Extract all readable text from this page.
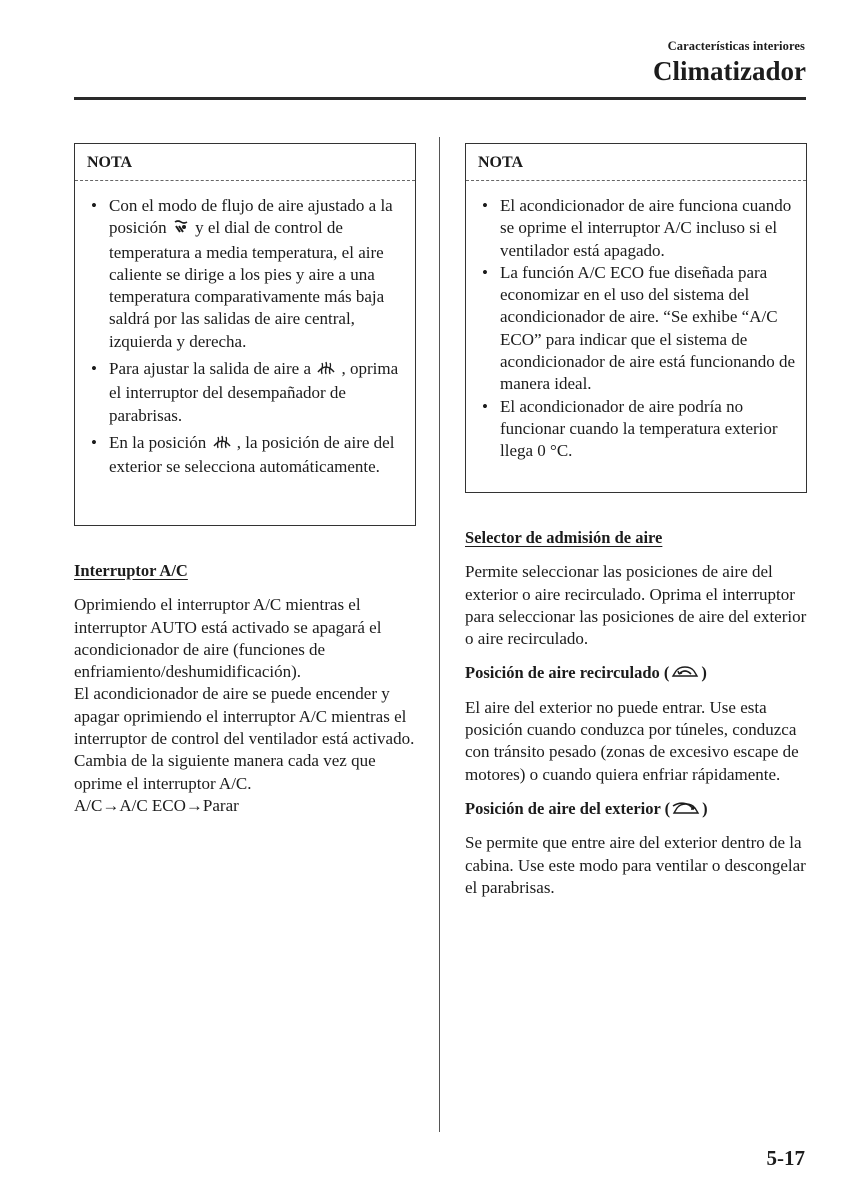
Características interiores
Climatizador
NOTA
• Con el modo de flujo de aire ajustado a la posición y el dial de control de temperatura a media temperatura, el aire caliente se dirige a los pies y aire a una temperatura comparativamente más baja saldrá por las salidas de aire central, izquierda y derecha.
• Para ajustar la salida de aire a , oprima el interruptor del desempañador de parabrisas.
• En la posición , la posición de aire del exterior se selecciona automáticamente.
Interruptor A/C
Oprimiendo el interruptor A/C mientras el interruptor AUTO está activado se apagará el acondicionador de aire (funciones de enfriamiento/deshumidificación).
El acondicionador de aire se puede encender y apagar oprimiendo el interruptor A/C mientras el interruptor de control del ventilador está activado.
Cambia de la siguiente manera cada vez que oprime el interruptor A/C.
A/C→A/C ECO→Parar
NOTA
• El acondicionador de aire funciona cuando se oprime el interruptor A/C incluso si el ventilador está apagado.
• La función A/C ECO fue diseñada para economizar en el uso del sistema del acondicionador de aire. “Se exhibe “A/C ECO” para indicar que el sistema de acondicionador de aire está funcionando de manera ideal.
• El acondicionador de aire podría no funcionar cuando la temperatura exterior llega 0 °C.
Selector de admisión de aire
Permite seleccionar las posiciones de aire del exterior o aire recirculado. Oprima el interruptor para seleccionar las posiciones de aire del exterior o aire recirculado.
Posición de aire recirculado ( )
El aire del exterior no puede entrar. Use esta posición cuando conduzca por túneles, conduzca con tránsito pesado (zonas de excesivo escape de motores) o cuando quiera enfriar rápidamente.
Posición de aire del exterior ( )
Se permite que entre aire del exterior dentro de la cabina. Use este modo para ventilar o descongelar el parabrisas.
5-17
